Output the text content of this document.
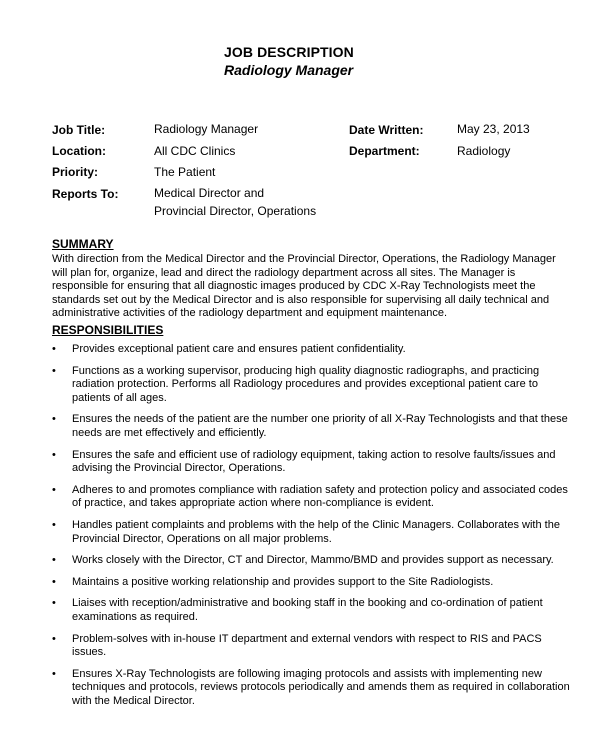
JOB DESCRIPTION
Radiology Manager
Job Title:	Radiology Manager	Date Written:	May 23, 2013
Location:	All CDC Clinics	Department:	Radiology
Priority:	The Patient
Reports To:	Medical Director and
Provincial Director, Operations
SUMMARY

With direction from the Medical Director and the Provincial Director, Operations, the Radiology Manager will plan for, organize, lead and direct the radiology department across all sites. The Manager is responsible for ensuring that all diagnostic images produced by CDC X-Ray Technologists meet the standards set out by the Medical Director and is also responsible for supervising all daily technical and administrative activities of the radiology department and equipment maintenance.

RESPONSIBILITIES
• Provides exceptional patient care and ensures patient confidentiality.
• Functions as a working supervisor, producing high quality diagnostic radiographs, and practicing radiation protection. Performs all Radiology procedures and provides exceptional patient care to patients of all ages.
• Ensures the needs of the patient are the number one priority of all X-Ray Technologists and that these needs are met effectively and efficiently.
• Ensures the safe and efficient use of radiology equipment, taking action to resolve faults/issues and advising the Provincial Director, Operations.
• Adheres to and promotes compliance with radiation safety and protection policy and associated codes of practice, and takes appropriate action where non-compliance is evident.
• Handles patient complaints and problems with the help of the Clinic Managers. Collaborates with the Provincial Director, Operations on all major problems.
• Works closely with the Director, CT and Director, Mammo/BMD and provides support as necessary.
• Maintains a positive working relationship and provides support to the Site Radiologists.
• Liaises with reception/administrative and booking staff in the booking and co-ordination of patient examinations as required.
• Problem-solves with in-house IT department and external vendors with respect to RIS and PACS issues.
• Ensures X-Ray Technologists are following imaging protocols and assists with implementing new techniques and protocols, reviews protocols periodically and amends them as required in collaboration with the Medical Director.
